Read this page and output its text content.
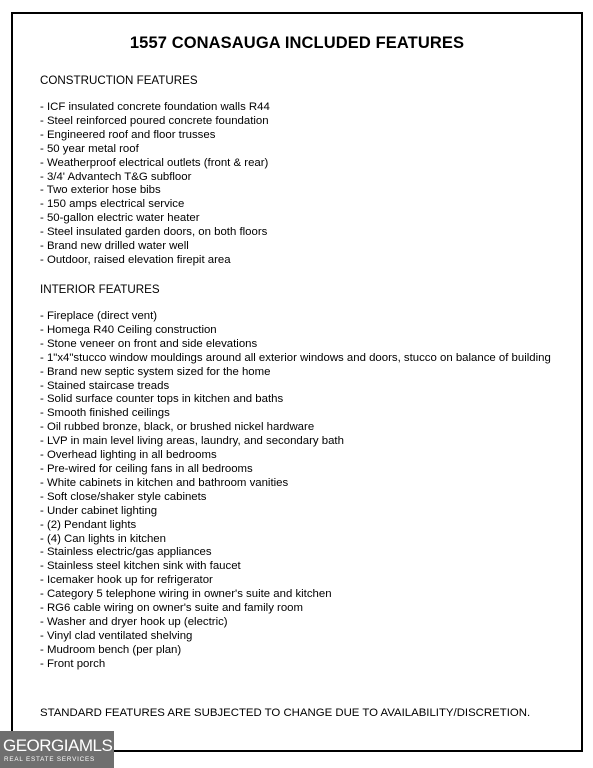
1557 CONASAUGA INCLUDED FEATURES
CONSTRUCTION FEATURES
- ICF insulated concrete foundation walls R44
- Steel reinforced poured concrete foundation
- Engineered roof and floor trusses
- 50 year metal roof
- Weatherproof electrical outlets (front & rear)
- 3/4' Advantech T&G subfloor
- Two exterior hose bibs
- 150 amps electrical service
- 50-gallon electric water heater
- Steel insulated garden doors, on both floors
- Brand new drilled water well
- Outdoor, raised elevation firepit area
INTERIOR FEATURES
- Fireplace (direct vent)
- Homega R40 Ceiling construction
- Stone veneer on front and side elevations
- 1"x4"stucco window mouldings around all exterior windows and doors, stucco on balance of building
- Brand new septic system sized for the home
- Stained staircase treads
- Solid surface counter tops in kitchen and baths
- Smooth finished ceilings
- Oil rubbed bronze, black, or brushed nickel hardware
- LVP in main level living areas, laundry, and secondary bath
- Overhead lighting in all bedrooms
- Pre-wired for ceiling fans in all bedrooms
- White cabinets in kitchen and bathroom vanities
- Soft close/shaker style cabinets
- Under cabinet lighting
- (2) Pendant lights
- (4) Can lights in kitchen
- Stainless electric/gas appliances
- Stainless steel kitchen sink with faucet
- Icemaker hook up for refrigerator
- Category 5 telephone wiring in owner's suite and kitchen
- RG6 cable wiring on owner's suite and family room
- Washer and dryer hook up (electric)
- Vinyl clad ventilated shelving
- Mudroom bench (per plan)
- Front porch
STANDARD FEATURES ARE SUBJECTED TO CHANGE DUE TO AVAILABILITY/DISCRETION.
GEORGIAMLS
REAL ESTATE SERVICES
